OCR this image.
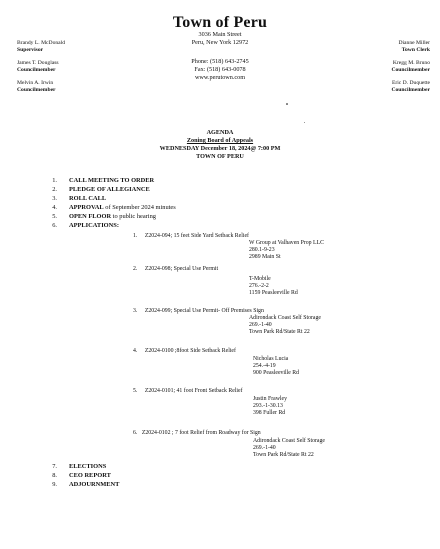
Town of Peru
3036 Main Street
Peru, New York 12972
Phone: (518) 643-2745
Fax: (518) 643-0078
www.perutown.com
Brandy L. McDonald
Supervisor
James T. Douglass
Councilmember
Melvin A. Irwin
Councilmember
Dianne Miller
Town Clerk
Kregg M. Bruno
Councilmember
Eric D. Duquette
Councilmember
AGENDA
Zoning Board of Appeals
WEDNESDAY December 18, 2024@ 7:00 PM
TOWN OF PERU
1. CALL MEETING TO ORDER
2. PLEDGE OF ALLEGIANCE
3. ROLL CALL
4. APPROVAL of September 2024 minutes
5. OPEN FLOOR to public hearing
6. APPLICATIONS:
1. Z2024-094; 15 feet Side Yard Setback Relief
W Group at Valhaven Prop LLC
280.1-9-23
2989 Main St
2. Z2024-098; Special Use Permit
T-Mobile
276.-2-2
1159 Peasleeville Rd
3. Z2024-099; Special Use Permit- Off Premises Sign
Adirondack Coast Self Storage
269.-1-40
Town Park Rd/State Rt 22
4. Z2024-0100 ;8foot Side Setback Relief
Nicholas Lucia
254.-4-19
900 Peasleeville Rd
5. Z2024-0101; 41 foot Front Setback Relief
Justin Frawley
293.-1-30.13
398 Fuller Rd
6. Z2024-0102 ; 7 foot Relief from Roadway for Sign
Adirondack Coast Self Storage
269.-1-40
Town Park Rd/State Rt 22
7. ELECTIONS
8. CEO REPORT
9. ADJOURNMENT
